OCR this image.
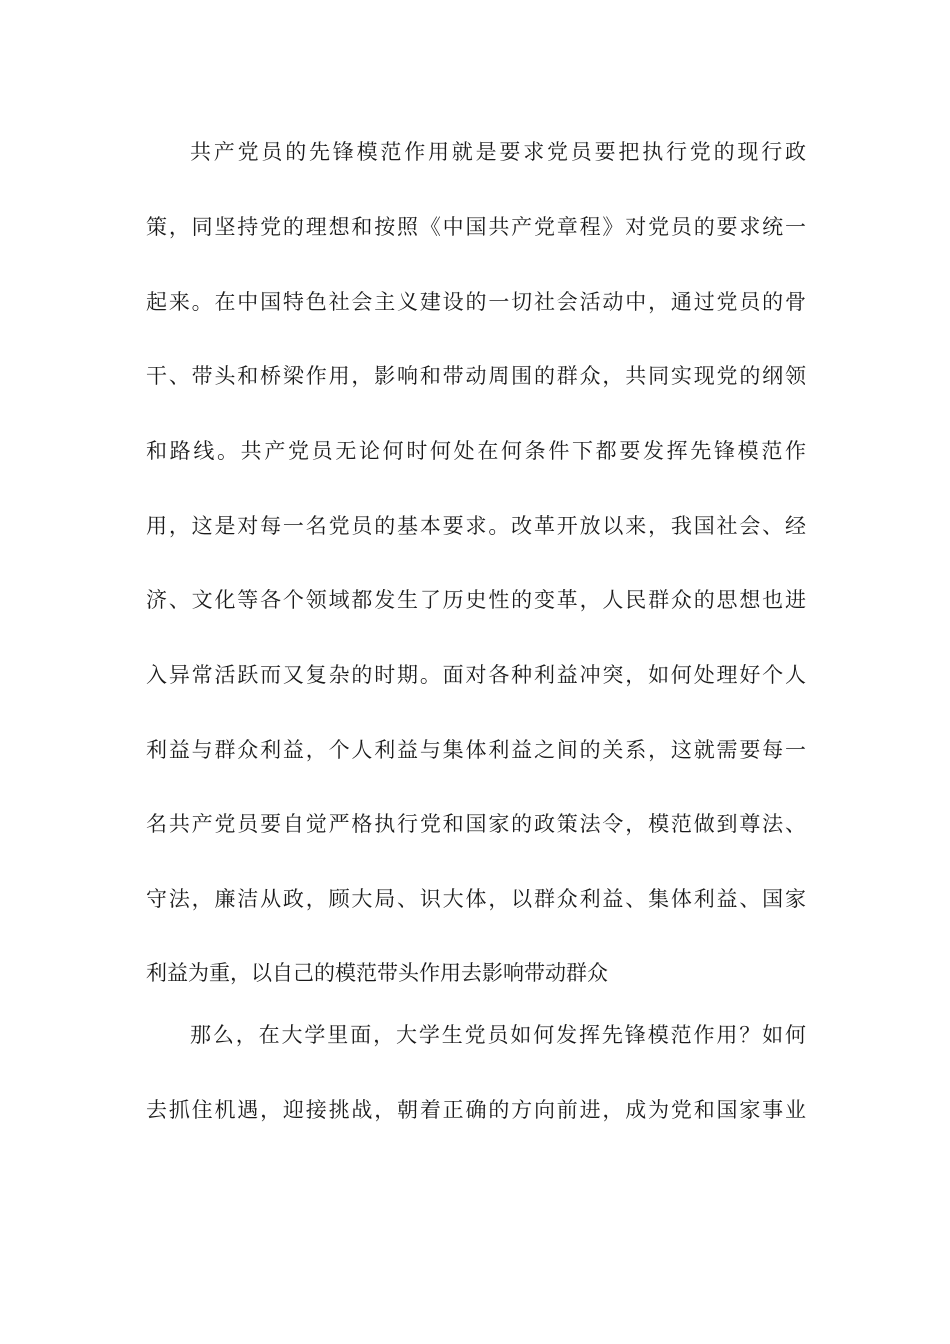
共产党员的先锋模范作用就是要求党员要把执行党的现行政
策，同坚持党的理想和按照《中国共产党章程》对党员的要求统一
起来。在中国特色社会主义建设的一切社会活动中，通过党员的骨
干、带头和桥梁作用，影响和带动周围的群众，共同实现党的纲领
和路线。共产党员无论何时何处在何条件下都要发挥先锋模范作
用，这是对每一名党员的基本要求。改革开放以来，我国社会、经
济、文化等各个领域都发生了历史性的变革，人民群众的思想也进
入异常活跃而又复杂的时期。面对各种利益冲突，如何处理好个人
利益与群众利益，个人利益与集体利益之间的关系，这就需要每一
名共产党员要自觉严格执行党和国家的政策法令，模范做到尊法、
守法，廉洁从政，顾大局、识大体，以群众利益、集体利益、国家
利益为重，以自己的模范带头作用去影响带动群众
那么，在大学里面，大学生党员如何发挥先锋模范作用？如何
去抓住机遇，迎接挑战，朝着正确的方向前进，成为党和国家事业
